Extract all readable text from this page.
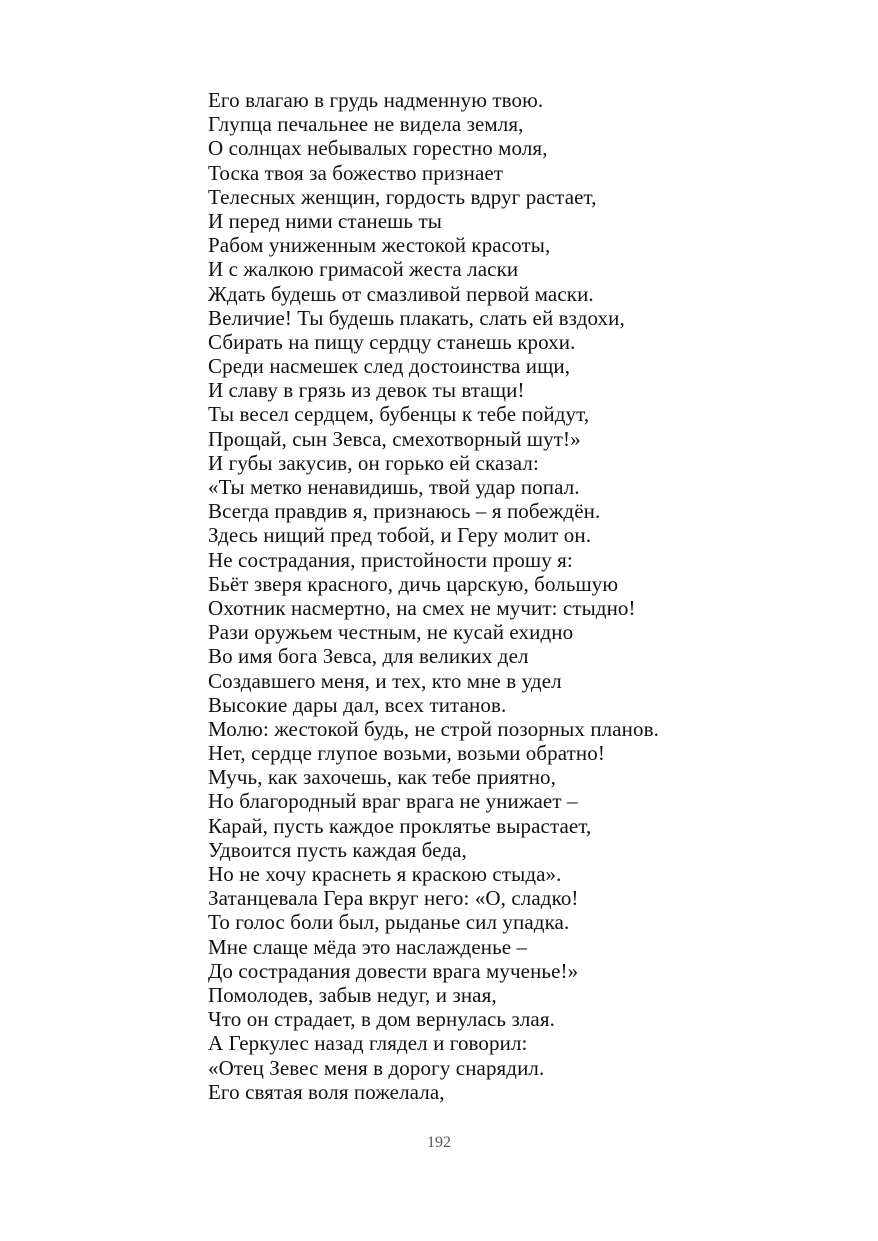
Его влагаю в грудь надменную твою.
Глупца печальнее не видела земля,
О солнцах небывалых горестно моля,
Тоска твоя за божество признает
Телесных женщин, гордость вдруг растает,
И перед ними станешь ты
Рабом униженным жестокой красоты,
И с жалкою гримасой жеста ласки
Ждать будешь от смазливой первой маски.
Величие! Ты будешь плакать, слать ей вздохи,
Сбирать на пищу сердцу станешь крохи.
Среди насмешек след достоинства ищи,
И славу в грязь из девок ты втащи!
Ты весел сердцем, бубенцы к тебе пойдут,
Прощай, сын Зевса, смехотворный шут!»
И губы закусив, он горько ей сказал:
«Ты метко ненавидишь, твой удар попал.
Всегда правдив я, признаюсь – я побеждён.
Здесь нищий пред тобой, и Геру молит он.
Не сострадания, пристойности прошу я:
Бьёт зверя красного, дичь царскую, большую
Охотник насмертно, на смех не мучит: стыдно!
Рази оружьем честным, не кусай ехидно
Во имя бога Зевса, для великих дел
Создавшего меня, и тех, кто мне в удел
Высокие дары дал, всех титанов.
Молю: жестокой будь, не строй позорных планов.
Нет, сердце глупое возьми, возьми обратно!
Мучь, как захочешь, как тебе приятно,
Но благородный враг врага не унижает –
Карай, пусть каждое проклятье вырастает,
Удвоится пусть каждая беда,
Но не хочу краснеть я краскою стыда».
Затанцевала Гера вкруг него: «О, сладко!
То голос боли был, рыданье сил упадка.
Мне слаще мёда это наслажденье –
До сострадания довести врага мученье!»
Помолодев, забыв недуг, и зная,
Что он страдает, в дом вернулась злая.
А Геркулес назад глядел и говорил:
«Отец Зевес меня в дорогу снарядил.
Его святая воля пожелала,
192
